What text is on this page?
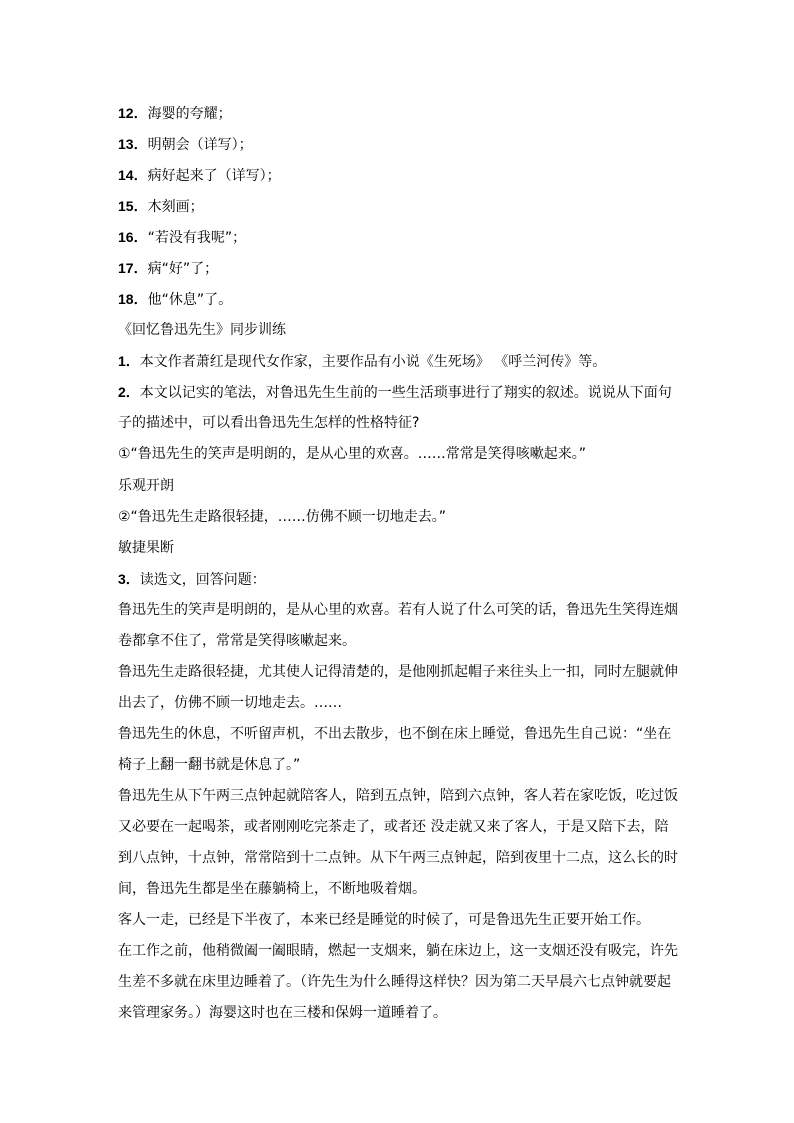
12．海婴的夸耀；
13．明朝会（详写）；
14．病好起来了（详写）；
15．木刻画；
16．“若没有我呢”；
17．病“好”了；
18．他“休息”了。
《回忆鲁迅先生》同步训练
1．本文作者萧红是现代女作家，主要作品有小说《生死场》 《呼兰河传》等。
2．本文以记实的笔法，对鲁迅先生生前的一些生活琐事进行了翔实的叙述。说说从下面句
子的描述中，可以看出鲁迅先生怎样的性格特征?
①“鲁迅先生的笑声是明朗的，是从心里的欢喜。……常常是笑得咳嗽起来。”
乐观开朗
②“鲁迅先生走路很轻捷，……仿佛不顾一切地走去。”
敏捷果断
3．读选文，回答问题：
鲁迅先生的笑声是明朗的，是从心里的欢喜。若有人说了什么可笑的话，鲁迅先生笑得连烟
卷都拿不住了，常常是笑得咳嗽起来。
鲁迅先生走路很轻捷，尤其使人记得清楚的，是他刚抓起帽子来往头上一扣，同时左腿就伸
出去了，仿佛不顾一切地走去。……
鲁迅先生的休息，不听留声机，不出去散步，也不倒在床上睡觉，鲁迅先生自己说：“坐在
椅子上翻一翻书就是休息了。”
鲁迅先生从下午两三点钟起就陪客人，陪到五点钟，陪到六点钟，客人若在家吃饭，吃过饭
又必要在一起喝茶，或者刚刚吃完茶走了，或者还 没走就又来了客人，于是又陪下去，陪
到八点钟，十点钟，常常陪到十二点钟。从下午两三点钟起，陪到夜里十二点，这么长的时
间，鲁迅先生都是坐在藤躺椅上，不断地吸着烟。
客人一走，已经是下半夜了，本来已经是睡觉的时候了，可是鲁迅先生正要开始工作。
在工作之前，他稍微阖一阖眼睛，燃起一支烟来，躺在床边上，这一支烟还没有吸完，许先
生差不多就在床里边睡着了。（许先生为什么睡得这样快？因为第二天早晨六七点钟就要起
来管理家务。）海婴这时也在三楼和保姆一道睡着了。
